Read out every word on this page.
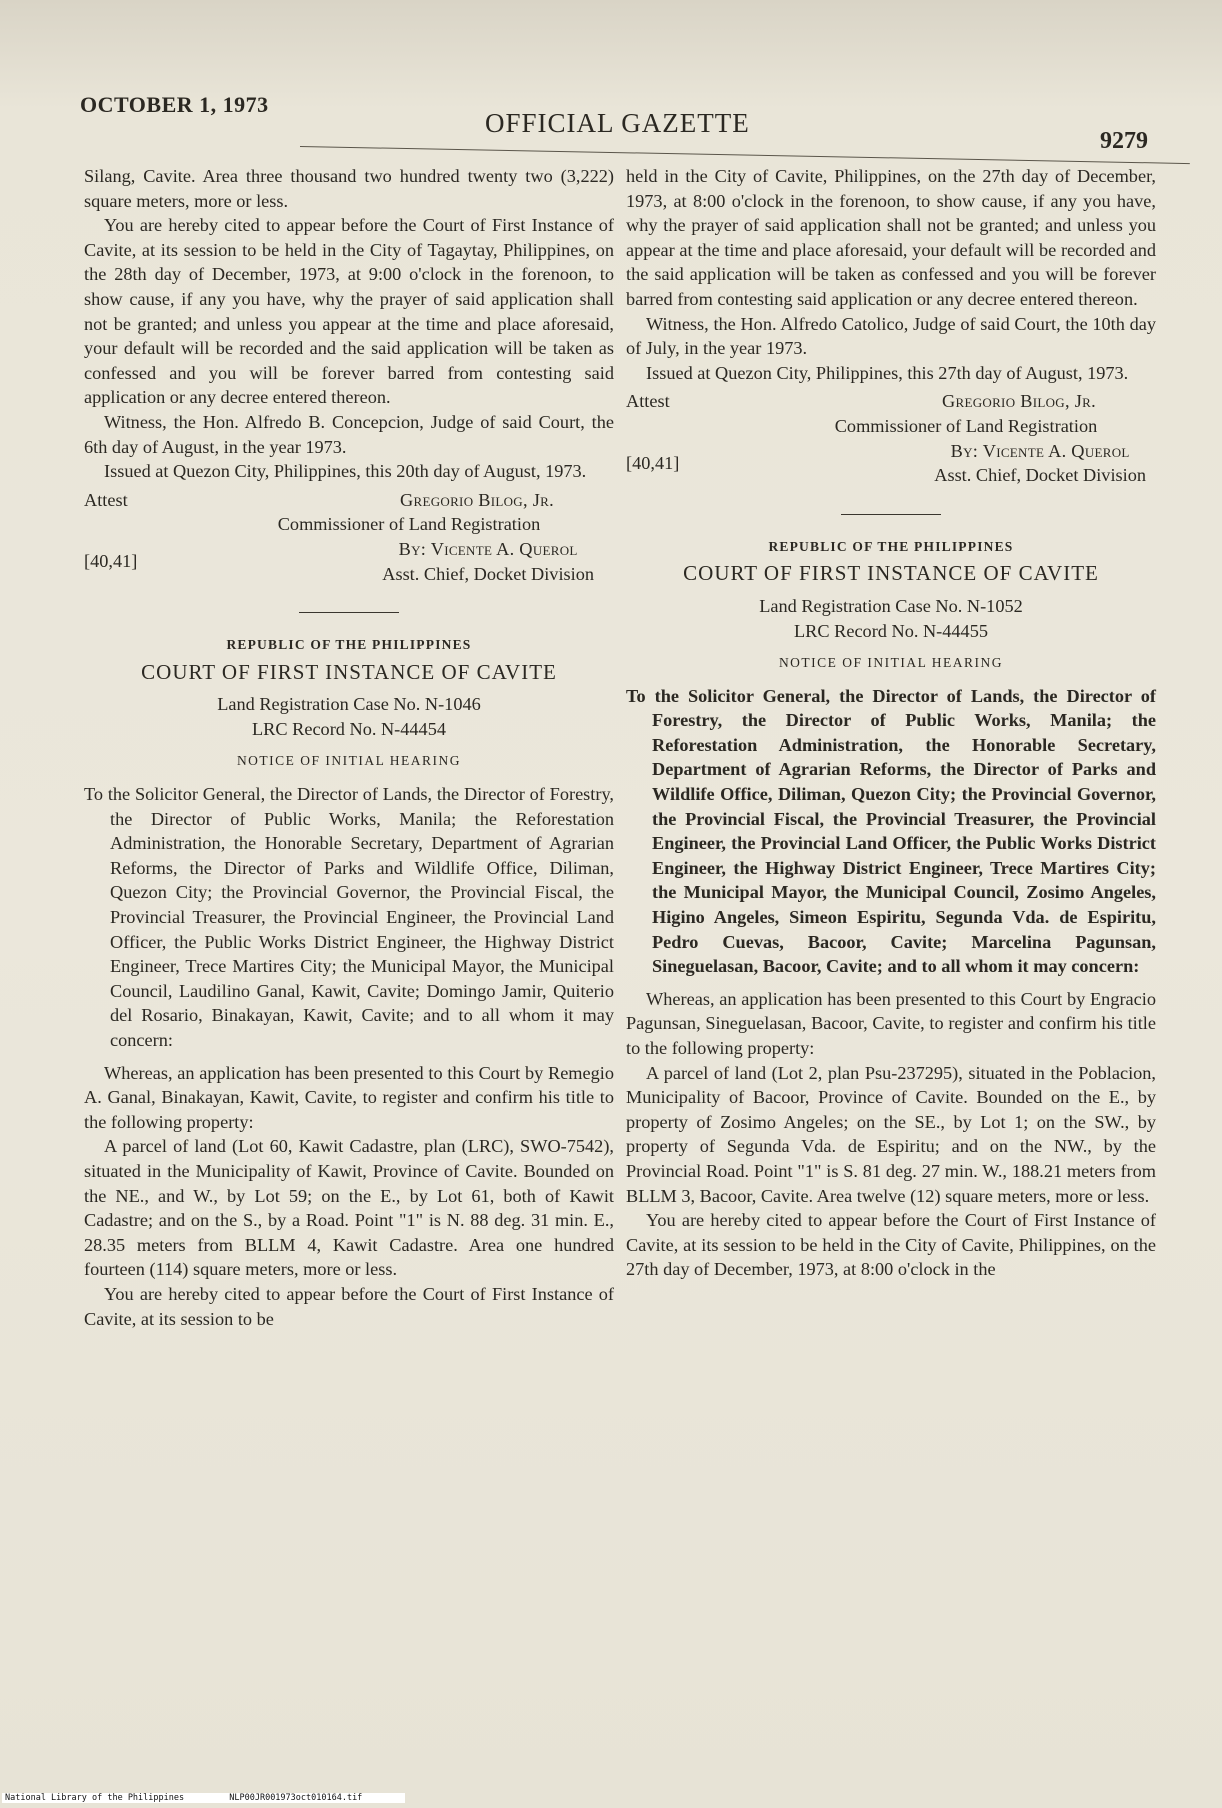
OCTOBER 1, 1973
OFFICIAL GAZETTE
9279

Silang, Cavite. Area three thousand two hundred twenty two (3,222) square meters, more or less.

You are hereby cited to appear before the Court of First Instance of Cavite, at its session to be held in the City of Tagaytay, Philippines, on the 28th day of December, 1973, at 9:00 o'clock in the forenoon, to show cause, if any you have, why the prayer of said application shall not be granted; and unless you appear at the time and place aforesaid, your default will be recorded and the said application will be taken as confessed and you will be forever barred from contesting said application or any decree entered thereon.

Witness, the Hon. Alfredo B. Concepcion, Judge of said Court, the 6th day of August, in the year 1973.

Issued at Quezon City, Philippines, this 20th day of August, 1973.

Attest	Gregorio Bilog, Jr.
Commissioner of Land Registration
[40,41]
By: Vicente A. Querol
Asst. Chief, Docket Division
REPUBLIC OF THE PHILIPPINES
COURT OF FIRST INSTANCE OF CAVITE
Land Registration Case No. N-1046
LRC Record No. N-44454
NOTICE OF INITIAL HEARING

To the Solicitor General, the Director of Lands, the Director of Forestry, the Director of Public Works, Manila; the Reforestation Administration, the Honorable Secretary, Department of Agrarian Reforms, the Director of Parks and Wildlife Office, Diliman, Quezon City; the Provincial Governor, the Provincial Fiscal, the Provincial Treasurer, the Provincial Engineer, the Provincial Land Officer, the Public Works District Engineer, the Highway District Engineer, Trece Martires City; the Municipal Mayor, the Municipal Council, Laudilino Ganal, Kawit, Cavite; Domingo Jamir, Quiterio del Rosario, Binakayan, Kawit, Cavite; and to all whom it may concern:

Whereas, an application has been presented to this Court by Remegio A. Ganal, Binakayan, Kawit, Cavite, to register and confirm his title to the following property:

A parcel of land (Lot 60, Kawit Cadastre, plan (LRC), SWO-7542), situated in the Municipality of Kawit, Province of Cavite. Bounded on the NE., and W., by Lot 59; on the E., by Lot 61, both of Kawit Cadastre; and on the S., by a Road. Point "1" is N. 88 deg. 31 min. E., 28.35 meters from BLLM 4, Kawit Cadastre. Area one hundred fourteen (114) square meters, more or less.

You are hereby cited to appear before the Court of First Instance of Cavite, at its session to be

held in the City of Cavite, Philippines, on the 27th day of December, 1973, at 8:00 o'clock in the forenoon, to show cause, if any you have, why the prayer of said application shall not be granted; and unless you appear at the time and place aforesaid, your default will be recorded and the said application will be taken as confessed and you will be forever barred from contesting said application or any decree entered thereon.

Witness, the Hon. Alfredo Catolico, Judge of said Court, the 10th day of July, in the year 1973.

Issued at Quezon City, Philippines, this 27th day of August, 1973.

Attest	Gregorio Bilog, Jr.
Commissioner of Land Registration
[40,41]
By: Vicente A. Querol
Asst. Chief, Docket Division
REPUBLIC OF THE PHILIPPINES
COURT OF FIRST INSTANCE OF CAVITE
Land Registration Case No. N-1052
LRC Record No. N-44455
NOTICE OF INITIAL HEARING

To the Solicitor General, the Director of Lands, the Director of Forestry, the Director of Public Works, Manila; the Reforestation Administration, the Honorable Secretary, Department of Agrarian Reforms, the Director of Parks and Wildlife Office, Diliman, Quezon City; the Provincial Governor, the Provincial Fiscal, the Provincial Treasurer, the Provincial Engineer, the Provincial Land Officer, the Public Works District Engineer, the Highway District Engineer, Trece Martires City; the Municipal Mayor, the Municipal Council, Zosimo Angeles, Higino Angeles, Simeon Espiritu, Segunda Vda. de Espiritu, Pedro Cuevas, Bacoor, Cavite; Marcelina Pagunsan, Sineguelasan, Bacoor, Cavite; and to all whom it may concern:

Whereas, an application has been presented to this Court by Engracio Pagunsan, Sineguelasan, Bacoor, Cavite, to register and confirm his title to the following property:

A parcel of land (Lot 2, plan Psu-237295), situated in the Poblacion, Municipality of Bacoor, Province of Cavite. Bounded on the E., by property of Zosimo Angeles; on the SE., by Lot 1; on the SW., by property of Segunda Vda. de Espiritu; and on the NW., by the Provincial Road. Point "1" is S. 81 deg. 27 min. W., 188.21 meters from BLLM 3, Bacoor, Cavite. Area twelve (12) square meters, more or less.

You are hereby cited to appear before the Court of First Instance of Cavite, at its session to be held in the City of Cavite, Philippines, on the 27th day of December, 1973, at 8:00 o'clock in the

National Library of the Philippines	NLP00JR001973oct010164.tif
